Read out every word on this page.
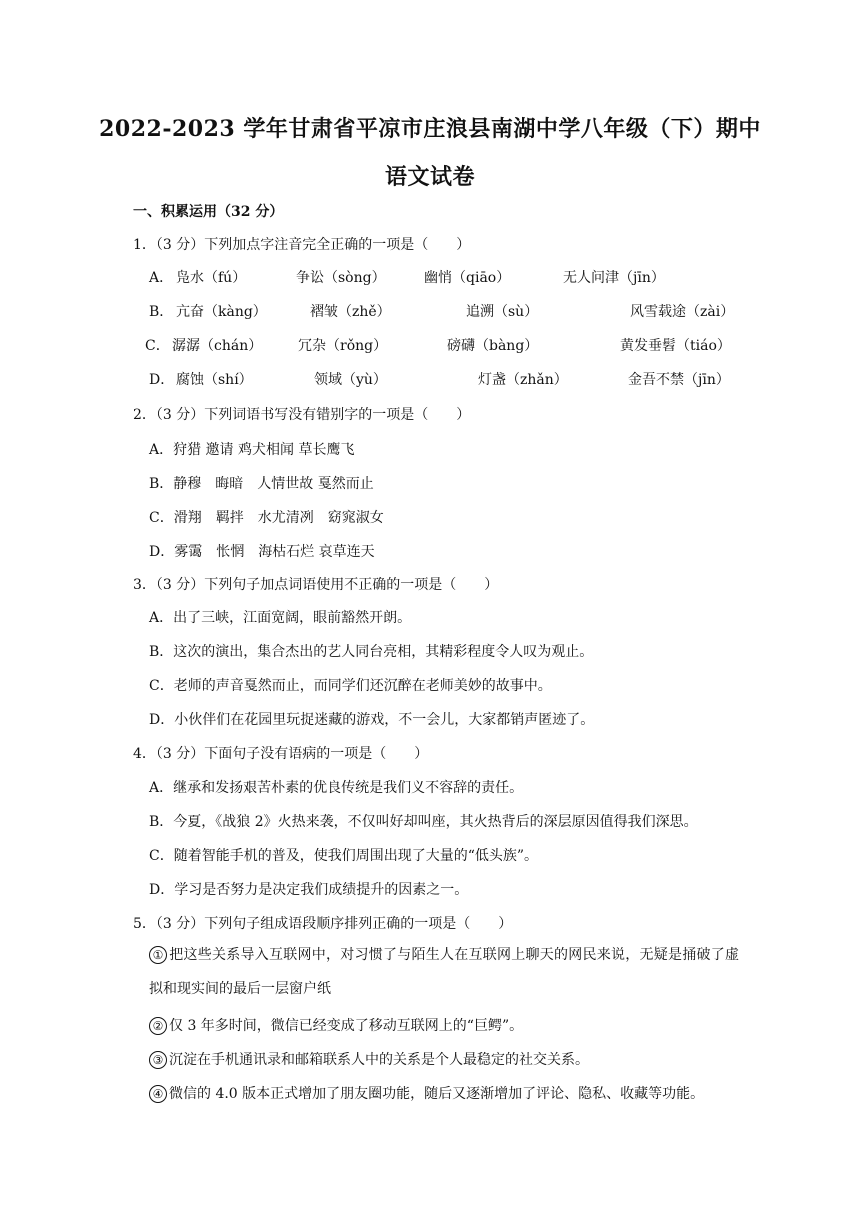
2022-2023 学年甘肃省平凉市庄浪县南湖中学八年级（下）期中
语文试卷
一、积累运用（32 分）
1．（3 分）下列加点字注音完全正确的一项是（　　）
A． 凫水（fú）	争讼（sòng）	幽悄（qiāo）	无人问津（jīn）
B． 亢奋（kàng）	褶皱（zhě）	追溯（sù）	风雪载途（zài）
C． 潺潺（chán）	冗杂（rǒng）	磅礴（bàng）	黄发垂髫（tiáo）
D． 腐蚀（shí）	领域（yù）	灯盏（zhǎn）	金吾不禁（jīn）
2．（3 分）下列词语书写没有错别字的一项是（　　）
A．狩猎 邀请 鸡犬相闻 草长鹰飞
B．静穆　晦暗　人情世故 戛然而止
C．滑翔　羁拌　水尤清冽　窈窕淑女
D．雾霭　怅惘　海枯石烂 哀草连天
3．（3 分）下列句子加点词语使用不正确的一项是（　　）
A．出了三峡，江面宽阔，眼前豁然开朗。
B．这次的演出，集合杰出的艺人同台亮相，其精彩程度令人叹为观止。
C．老师的声音戛然而止，而同学们还沉醉在老师美妙的故事中。
D．小伙伴们在花园里玩捉迷藏的游戏，不一会儿，大家都销声匿迹了。
4．（3 分）下面句子没有语病的一项是（　　）
A．继承和发扬艰苦朴素的优良传统是我们义不容辞的责任。
B．今夏，《战狼 2》火热来袭，不仅叫好却叫座，其火热背后的深层原因值得我们深思。
C．随着智能手机的普及，使我们周围出现了大量的“低头族”。
D．学习是否努力是决定我们成绩提升的因素之一。
5．（3 分）下列句子组成语段顺序排列正确的一项是（　　）
① 把这些关系导入互联网中，对习惯了与陌生人在互联网上聊天的网民来说，无疑是捅破了虚拟和现实间的最后一层窗户纸
② 仅 3 年多时间，微信已经变成了移动互联网上的“巨鳄”。
③ 沉淀在手机通讯录和邮箱联系人中的关系是个人最稳定的社交关系。
④ 微信的 4.0 版本正式增加了朋友圈功能，随后又逐渐增加了评论、隐私、收藏等功能。
